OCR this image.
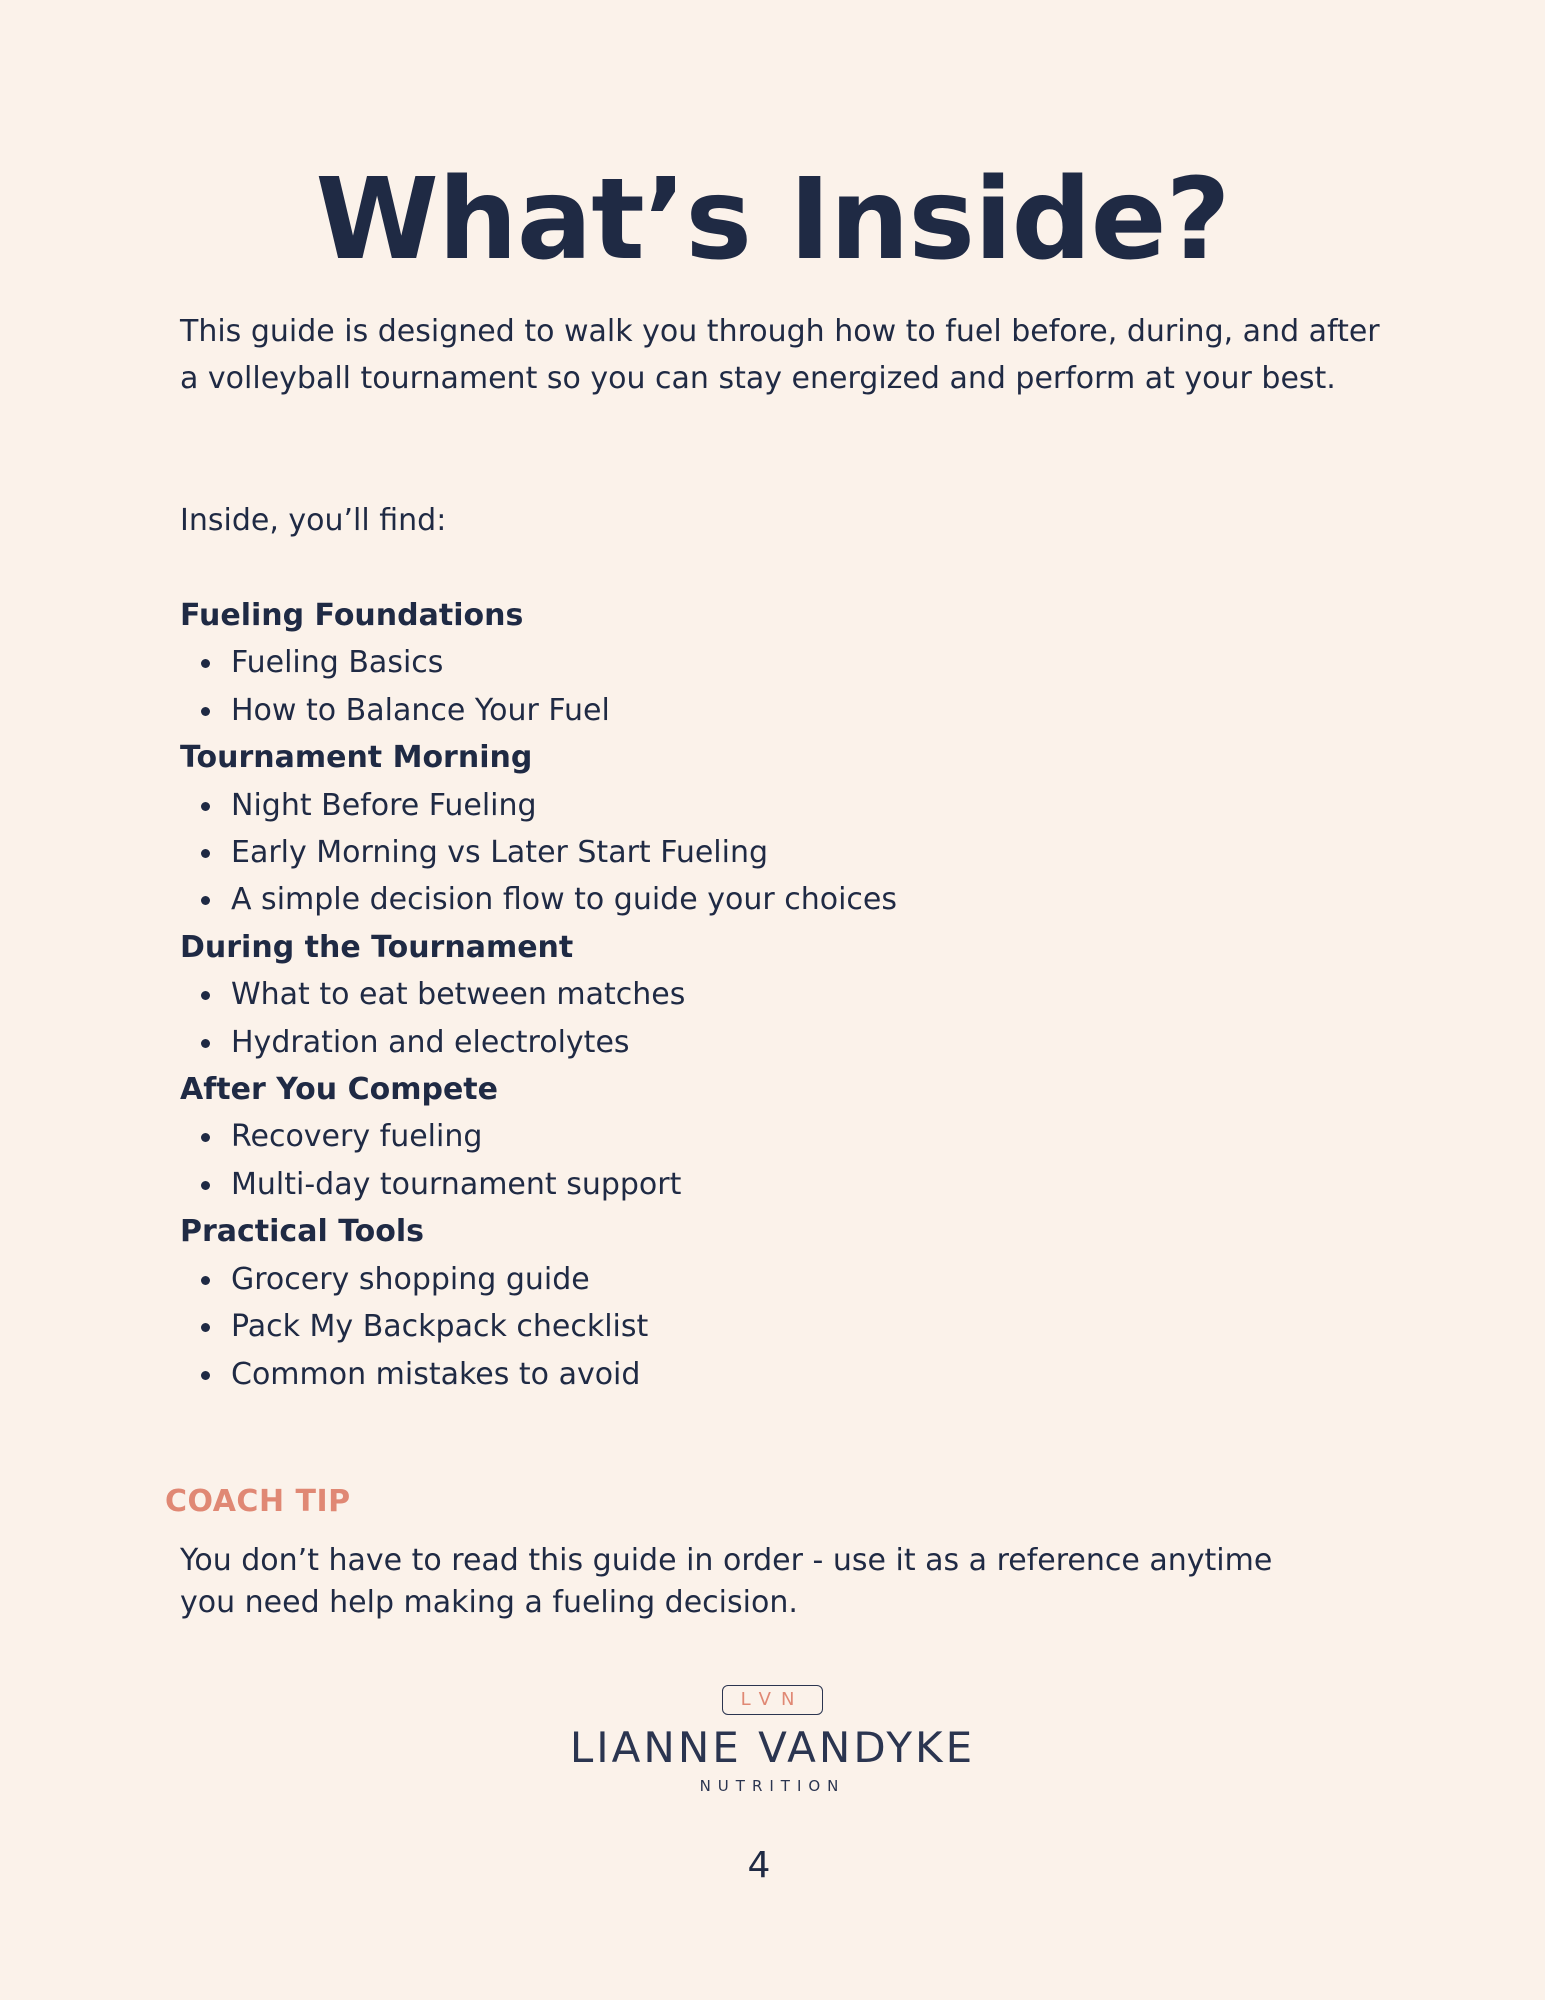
What’s Inside?

This guide is designed to walk you through how to fuel before, during, and after a volleyball tournament so you can stay energized and perform at your best.

Inside, you’ll find:

Fueling Foundations

Fueling Basics
How to Balance Your Fuel

Tournament Morning

Night Before Fueling
Early Morning vs Later Start Fueling
A simple decision flow to guide your choices

During the Tournament

What to eat between matches
Hydration and electrolytes

After You Compete

Recovery fueling
Multi-day tournament support

Practical Tools

Grocery shopping guide
Pack My Backpack checklist
Common mistakes to avoid

COACH TIP

You don’t have to read this guide in order - use it as a reference anytime you need help making a fueling decision.

LVN
LIANNE VANDYKE
NUTRITION
4
